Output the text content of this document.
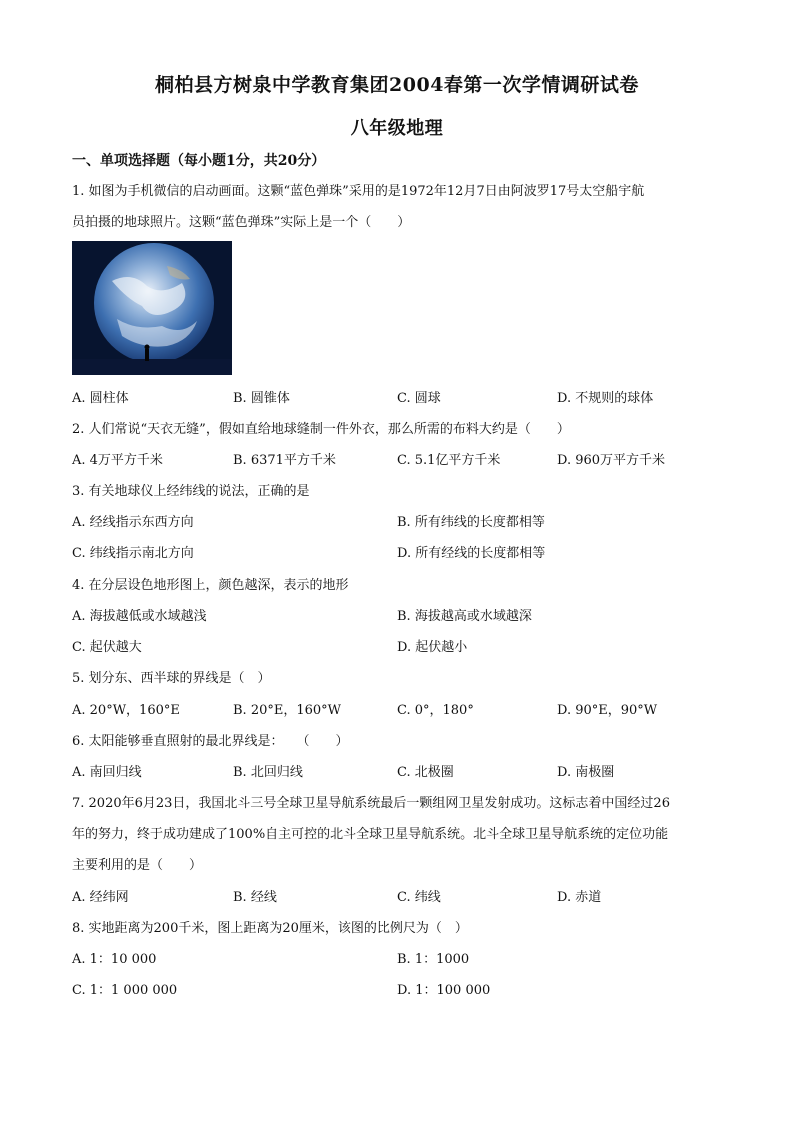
桐柏县方树泉中学教育集团2004春第一次学情调研试卷
八年级地理
一、单项选择题（每小题1分，共20分）
1. 如图为手机微信的启动画面。这颗“蓝色弹珠”采用的是1972年12月7日由阿波罗17号太空船宇航
员拍摄的地球照片。这颗“蓝色弹珠”实际上是一个（　　）
A. 圆柱体	B. 圆锥体	C. 圆球	D. 不规则的球体
2. 人们常说“天衣无缝”，假如直给地球缝制一件外衣，那么所需的布料大约是（　　）
A. 4万平方千米	B. 6371平方千米	C. 5.1亿平方千米	D. 960万平方千米
3. 有关地球仪上经纬线的说法，正确的是
A. 经线指示东西方向	B. 所有纬线的长度都相等
C. 纬线指示南北方向	D. 所有经线的长度都相等
4. 在分层设色地形图上，颜色越深，表示的地形
A. 海拔越低或水域越浅	B. 海拔越高或水域越深
C. 起伏越大	D. 起伏越小
5. 划分东、西半球的界线是（　）
A. 20°W，160°E	B. 20°E，160°W	C. 0°，180°	D. 90°E，90°W
6. 太阳能够垂直照射的最北界线是：　　（　　）
A. 南回归线	B. 北回归线	C. 北极圈	D. 南极圈
7. 2020年6月23日，我国北斗三号全球卫星导航系统最后一颗组网卫星发射成功。这标志着中国经过26
年的努力，终于成功建成了100%自主可控的北斗全球卫星导航系统。北斗全球卫星导航系统的定位功能
主要利用的是（　　）
A. 经纬网	B. 经线	C. 纬线	D. 赤道
8. 实地距离为200千米，图上距离为20厘米，该图的比例尺为（　）
A. 1：10 000	B. 1：1000
C. 1：1 000 000	D. 1：100 000
